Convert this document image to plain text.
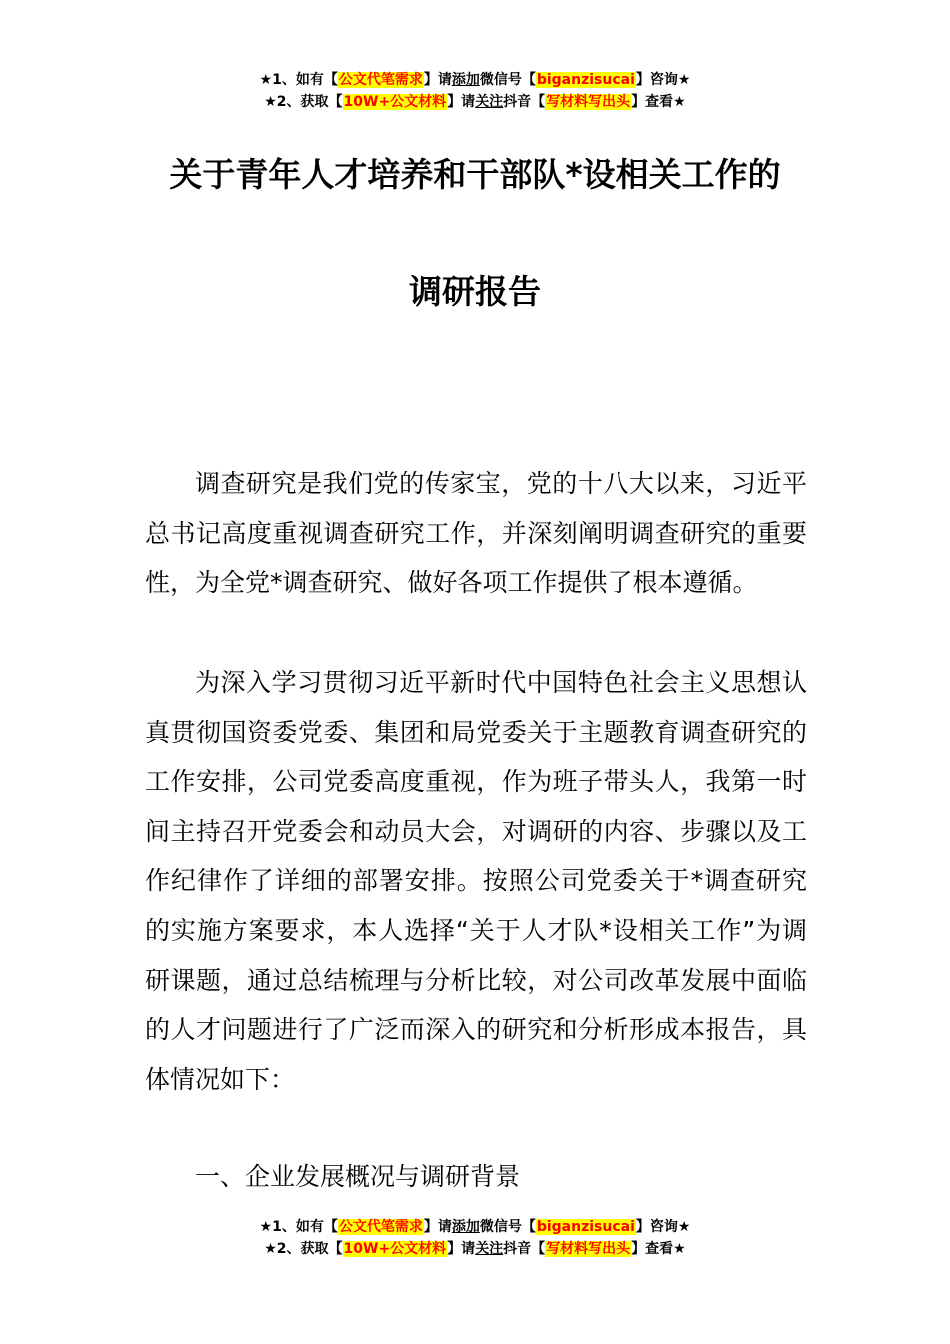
★1、如有【公文代笔需求】请添加微信号【biganzisucai】咨询★
★2、获取【10W+公文材料】请关注抖音【写材料写出头】查看★
关于青年人才培养和干部队*设相关工作的
调研报告

调查研究是我们党的传家宝，党的十八大以来，习近平总书记高度重视调查研究工作，并深刻阐明调查研究的重要性，为全党*调查研究、做好各项工作提供了根本遵循。

为深入学习贯彻习近平新时代中国特色社会主义思想认真贯彻国资委党委、集团和局党委关于主题教育调查研究的工作安排，公司党委高度重视，作为班子带头人，我第一时间主持召开党委会和动员大会，对调研的内容、步骤以及工作纪律作了详细的部署安排。按照公司党委关于*调查研究的实施方案要求，本人选择“关于人才队*设相关工作”为调研课题，通过总结梳理与分析比较，对公司改革发展中面临的人才问题进行了广泛而深入的研究和分析形成本报告，具体情况如下：

一、企业发展概况与调研背景
★1、如有【公文代笔需求】请添加微信号【biganzisucai】咨询★
★2、获取【10W+公文材料】请关注抖音【写材料写出头】查看★
